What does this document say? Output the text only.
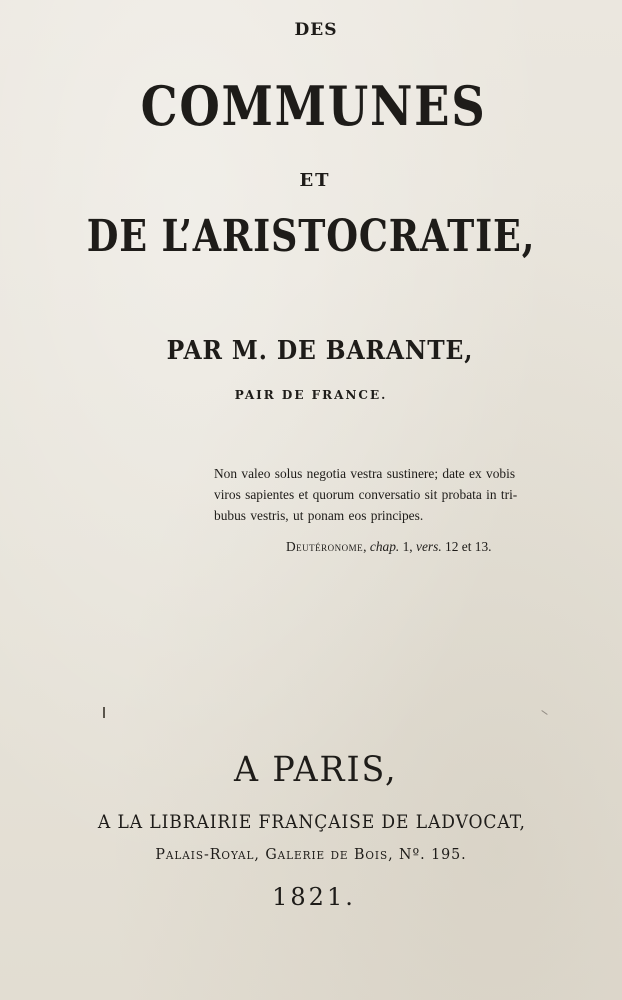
DES
COMMUNES
ET
DE L’ARISTOCRATIE,
PAR M. DE BARANTE,
PAIR DE FRANCE.
Non valeo solus negotia vestra sustinere; date ex vobis
viros sapientes et quorum conversatio sit probata in tri-
bubus vestris, ut ponam eos principes.
Deutéronome, chap. 1, vers. 12 et 13.
A PARIS,
A LA LIBRAIRIE FRANÇAISE DE LADVOCAT,
Palais-Royal, Galerie de Bois, Nº. 195.
1821.
